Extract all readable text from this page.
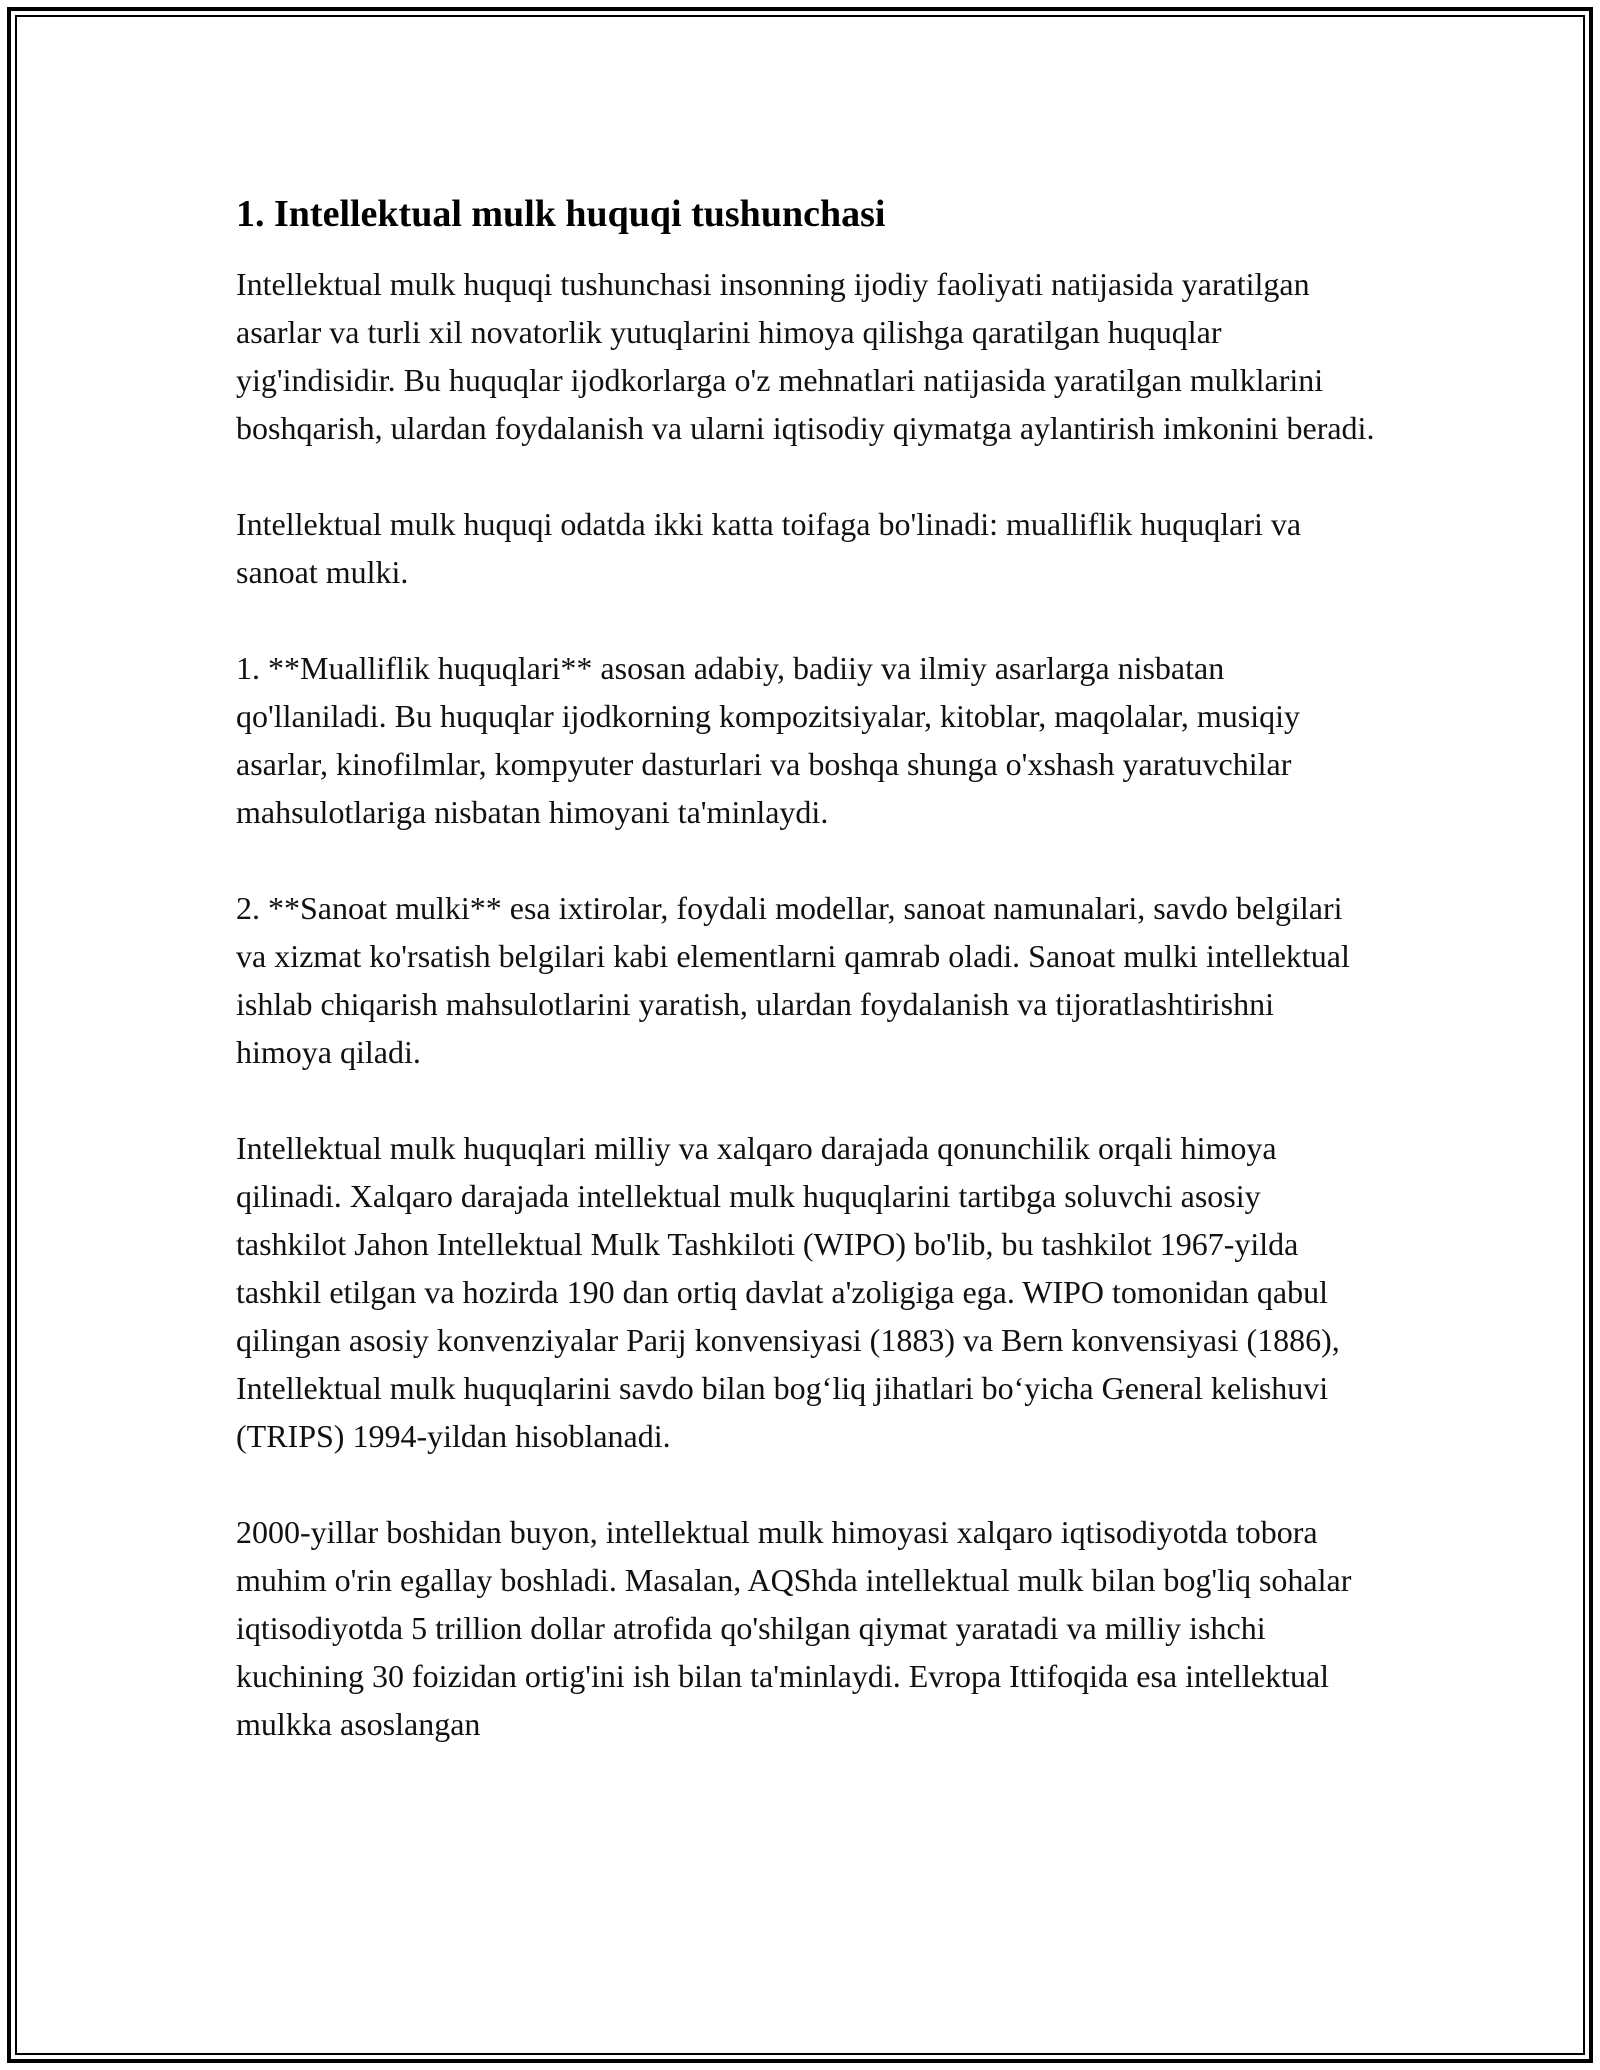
1. Intellektual mulk huquqi tushunchasi

Intellektual mulk huquqi tushunchasi insonning ijodiy faoliyati natijasida yaratilgan asarlar va turli xil novatorlik yutuqlarini himoya qilishga qaratilgan huquqlar yig'indisidir. Bu huquqlar ijodkorlarga o'z mehnatlari natijasida yaratilgan mulklarini boshqarish, ulardan foydalanish va ularni iqtisodiy qiymatga aylantirish imkonini beradi.

Intellektual mulk huquqi odatda ikki katta toifaga bo'linadi: mualliflik huquqlari va sanoat mulki.

1. **Mualliflik huquqlari** asosan adabiy, badiiy va ilmiy asarlarga nisbatan qo'llaniladi. Bu huquqlar ijodkorning kompozitsiyalar, kitoblar, maqolalar, musiqiy asarlar, kinofilmlar, kompyuter dasturlari va boshqa shunga o'xshash yaratuvchilar mahsulotlariga nisbatan himoyani ta'minlaydi.

2. **Sanoat mulki** esa ixtirolar, foydali modellar, sanoat namunalari, savdo belgilari va xizmat ko'rsatish belgilari kabi elementlarni qamrab oladi. Sanoat mulki intellektual ishlab chiqarish mahsulotlarini yaratish, ulardan foydalanish va tijoratlashtirishni himoya qiladi.

Intellektual mulk huquqlari milliy va xalqaro darajada qonunchilik orqali himoya qilinadi. Xalqaro darajada intellektual mulk huquqlarini tartibga soluvchi asosiy tashkilot Jahon Intellektual Mulk Tashkiloti (WIPO) bo'lib, bu tashkilot 1967-yilda tashkil etilgan va hozirda 190 dan ortiq davlat a'zoligiga ega. WIPO tomonidan qabul qilingan asosiy konvenziyalar Parij konvensiyasi (1883) va Bern konvensiyasi (1886), Intellektual mulk huquqlarini savdo bilan bog‘liq jihatlari bo‘yicha General kelishuvi (TRIPS) 1994-yildan hisoblanadi.

2000-yillar boshidan buyon, intellektual mulk himoyasi xalqaro iqtisodiyotda tobora muhim o'rin egallay boshladi. Masalan, AQShda intellektual mulk bilan bog'liq sohalar iqtisodiyotda 5 trillion dollar atrofida qo'shilgan qiymat yaratadi va milliy ishchi kuchining 30 foizidan ortig'ini ish bilan ta'minlaydi. Evropa Ittifoqida esa intellektual mulkka asoslangan
